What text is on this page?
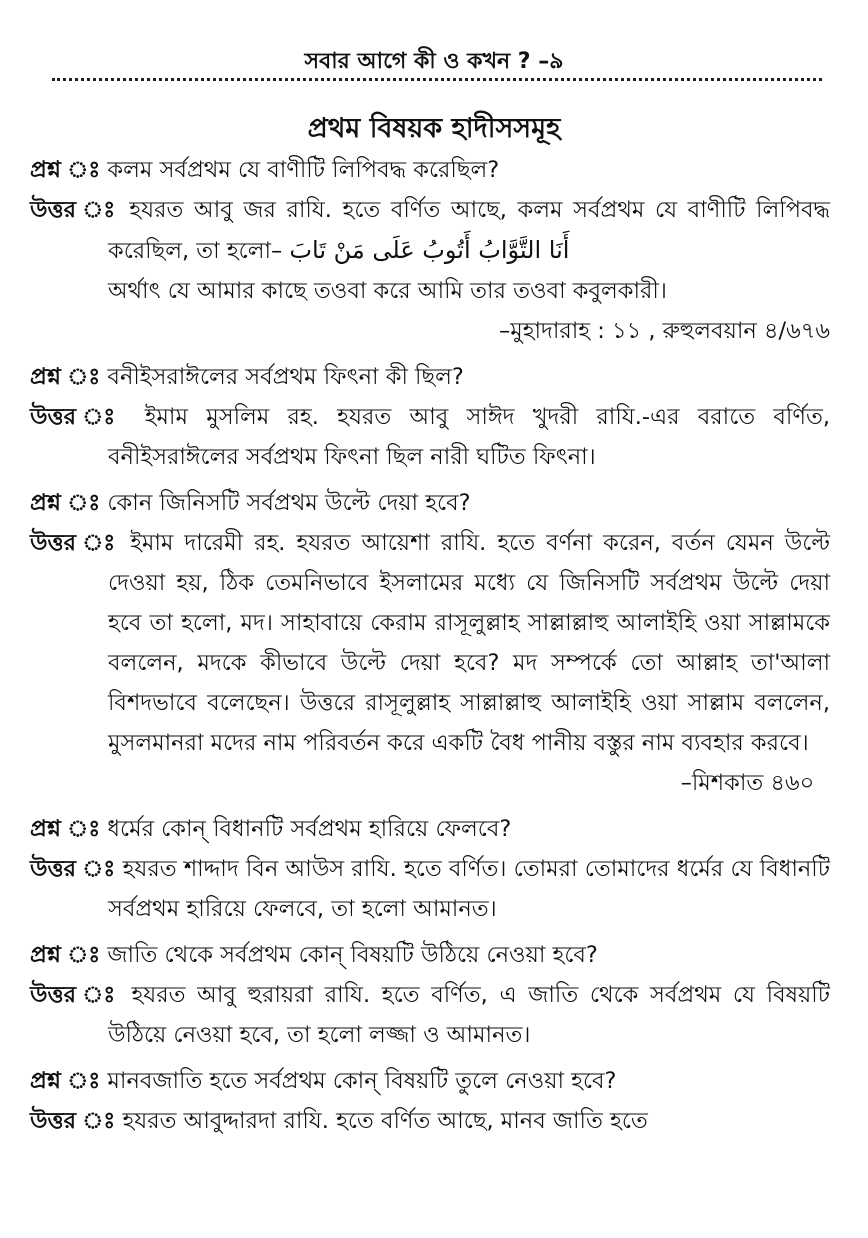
সবার আগে কী ও কখন ? –৯
প্রথম বিষয়ক হাদীসসমূহ
প্রশ্ন ঃ কলম সর্বপ্রথম যে বাণীটি লিপিবদ্ধ করেছিল?
উত্তর ঃ হযরত আবু জর রাযি. হতে বর্ণিত আছে, কলম সর্বপ্রথম যে বাণীটি লিপিবদ্ধ করেছিল, তা হলো– أَنَا التَّوَّابُ أَتُوبُ عَلَى مَنْ تَابَ
অর্থাৎ যে আমার কাছে তওবা করে আমি তার তওবা কবুলকারী।
–মুহাদারাহ : ১১ , রুহুলবয়ান ৪/৬৭৬
প্রশ্ন ঃ বনীইসরাঈলের সর্বপ্রথম ফিৎনা কী ছিল?
উত্তর ঃ ইমাম মুসলিম রহ. হযরত আবু সাঈদ খুদরী রাযি.-এর বরাতে বর্ণিত, বনীইসরাঈলের সর্বপ্রথম ফিৎনা ছিল নারী ঘটিত ফিৎনা।
প্রশ্ন ঃ কোন জিনিসটি সর্বপ্রথম উল্টে দেয়া হবে?
উত্তর ঃ ইমাম দারেমী রহ. হযরত আয়েশা রাযি. হতে বর্ণনা করেন, বর্তন যেমন উল্টে দেওয়া হয়, ঠিক তেমনিভাবে ইসলামের মধ্যে যে জিনিসটি সর্বপ্রথম উল্টে দেয়া হবে তা হলো, মদ। সাহাবায়ে কেরাম রাসূলুল্লাহ সাল্লাল্লাহু আলাইহি ওয়া সাল্লামকে বললেন, মদকে কীভাবে উল্টে দেয়া হবে? মদ সম্পর্কে তো আল্লাহ তা'আলা বিশদভাবে বলেছেন। উত্তরে রাসূলুল্লাহ সাল্লাল্লাহু আলাইহি ওয়া সাল্লাম বললেন, মুসলমানরা মদের নাম পরিবর্তন করে একটি বৈধ পানীয় বস্তুর নাম ব্যবহার করবে।
–মিশকাত ৪৬০
প্রশ্ন ঃ ধর্মের কোন্ বিধানটি সর্বপ্রথম হারিয়ে ফেলবে?
উত্তর ঃ হযরত শাদ্দাদ বিন আউস রাযি. হতে বর্ণিত। তোমরা তোমাদের ধর্মের যে বিধানটি সর্বপ্রথম হারিয়ে ফেলবে, তা হলো আমানত।
প্রশ্ন ঃ জাতি থেকে সর্বপ্রথম কোন্ বিষয়টি উঠিয়ে নেওয়া হবে?
উত্তর ঃ হযরত আবু হুরায়রা রাযি. হতে বর্ণিত, এ জাতি থেকে সর্বপ্রথম যে বিষয়টি উঠিয়ে নেওয়া হবে, তা হলো লজ্জা ও আমানত।
প্রশ্ন ঃ মানবজাতি হতে সর্বপ্রথম কোন্ বিষয়টি তুলে নেওয়া হবে?
উত্তর ঃ হযরত আবুদ্দারদা রাযি. হতে বর্ণিত আছে, মানব জাতি হতে
